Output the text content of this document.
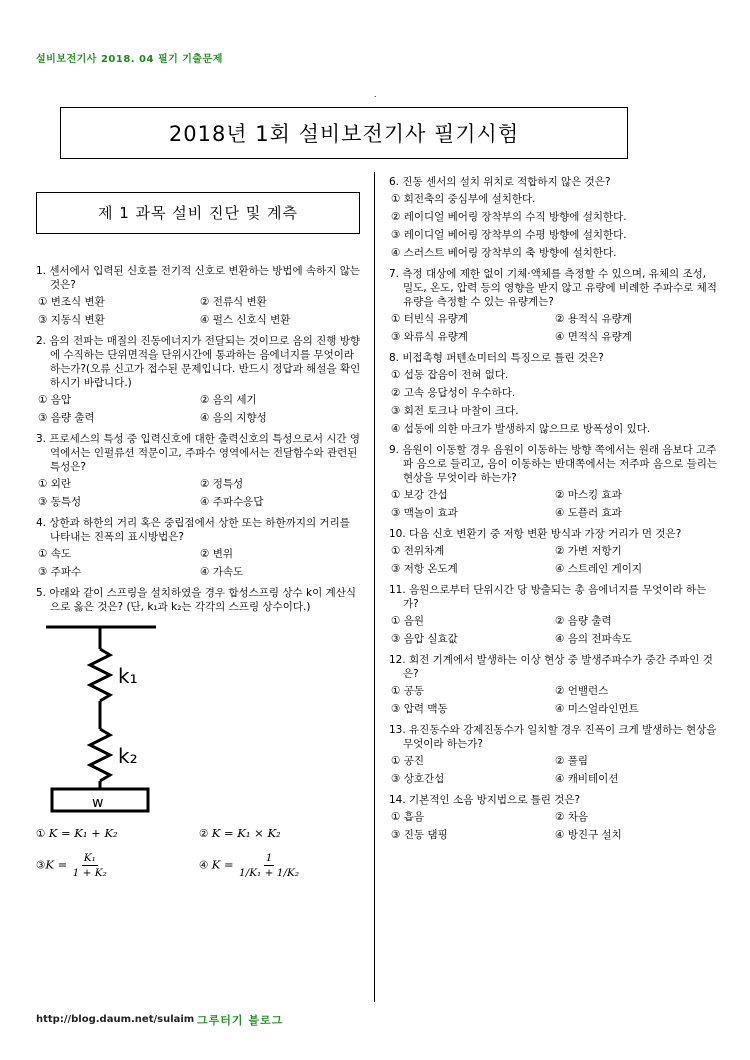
설비보전기사 2018. 04 필기 기출문제
.
2018년 1회 설비보전기사 필기시험
제 1 과목 설비 진단 및 계측
1. 센서에서 입력된 신호를 전기적 신호로 변환하는 방법에 속하지 않는 것은?
① 변조식 변환	② 전류식 변환
③ 지동식 변환	④ 펄스 신호식 변환
2. 음의 전파는 매질의 진동에너지가 전달되는 것이므로 음의 진행 방향에 수직하는 단위면적을 단위시간에 통과하는 음에너지를 무엇이라 하는가?(오류 신고가 접수된 문제입니다. 반드시 정답과 해설을 확인하시기 바랍니다.)
① 음압	② 음의 세기
③ 음량 출력	④ 음의 지향성
3. 프로세스의 특성 중 입력신호에 대한 출력신호의 특성으로서 시간 영역에서는 인펄류션 적문이고, 주파수 영역에서는 전달함수와 관련된 특성은?
① 외란	② 정특성
③ 동특성	④ 주파수응답
4. 상한과 하한의 거리 혹은 중립점에서 상한 또는 하한까지의 거리를 나타내는 진폭의 표시방법은?
① 속도	② 변위
③ 주파수	④ 가속도
5. 아래와 같이 스프링을 설치하였을 경우 합성스프링 상수 k이 계산식으로 옳은 것은? (단, k₁과 k₂는 각각의 스프링 상수이다.)
k₁
k₂
w
① K = K₁ + K₂	② K = K₁ × K₂
③K = $\frac{\text{K₁}}{\text{1 + K₂}}$	④ $K = \frac{1}{\text{1/K₁ + 1/K₂}}$
6. 진동 센서의 설치 위치로 적합하지 않은 것은?
① 회전축의 중심부에 설치한다.
② 레이디얼 베어링 장착부의 수직 방향에 설치한다.
③ 레이디얼 베어링 장착부의 수평 방향에 설치한다.
④ 스러스트 베어링 장착부의 축 방향에 설치한다.
7. 측정 대상에 제한 없이 기체·액체를 측정할 수 있으며, 유체의 조성, 밀도, 온도, 압력 등의 영향을 받지 않고 유량에 비례한 주파수로 체적 유량을 측정할 수 있는 유량계는?
① 터빈식 유량계	② 용적식 유량계
③ 와류식 유량계	④ 면적식 유량계
8. 비접촉형 퍼텐쇼미터의 특징으로 틀린 것은?
① 섭동 잡음이 전혀 없다.
② 고속 응답성이 우수하다.
③ 회전 토크나 마찰이 크다.
④ 섭동에 의한 마크가 발생하지 않으므로 방폭성이 있다.
9. 음원이 이동할 경우 음원이 이동하는 방향 쪽에서는 원래 음보다 고주파 음으로 들리고, 음이 이동하는 반대쪽에서는 저주파 음으로 들리는 현상을 무엇이라 하는가?
① 보강 간섭	② 마스킹 효과
③ 맥놀이 효과	④ 도플러 효과
10. 다음 신호 변환기 중 저항 변환 방식과 가장 거리가 먼 것은?
① 전위차계	② 가변 저항기
③ 저항 온도계	④ 스트레인 게이지
11. 음원으로부터 단위시간 당 방출되는 총 음에너지를 무엇이라 하는가?
① 음원	② 음량 출력
③ 음압 실효값	④ 음의 전파속도
12. 회전 기계에서 발생하는 이상 현상 중 발생주파수가 중간 주파인 것은?
① 공동	② 언밸런스
③ 압력 맥동	④ 미스얼라인먼트
13. 유진동수와 강제진동수가 일치할 경우 진폭이 크게 발생하는 현상을 무엇이라 하는가?
① 공진	② 풀림
③ 상호간섭	④ 캐비테이션
14. 기본적인 소음 방지법으로 틀린 것은?
① 흡음	② 차음
③ 진동 댐핑	④ 방진구 설치
http://blog.daum.net/sulaim 그루터기 블로그
